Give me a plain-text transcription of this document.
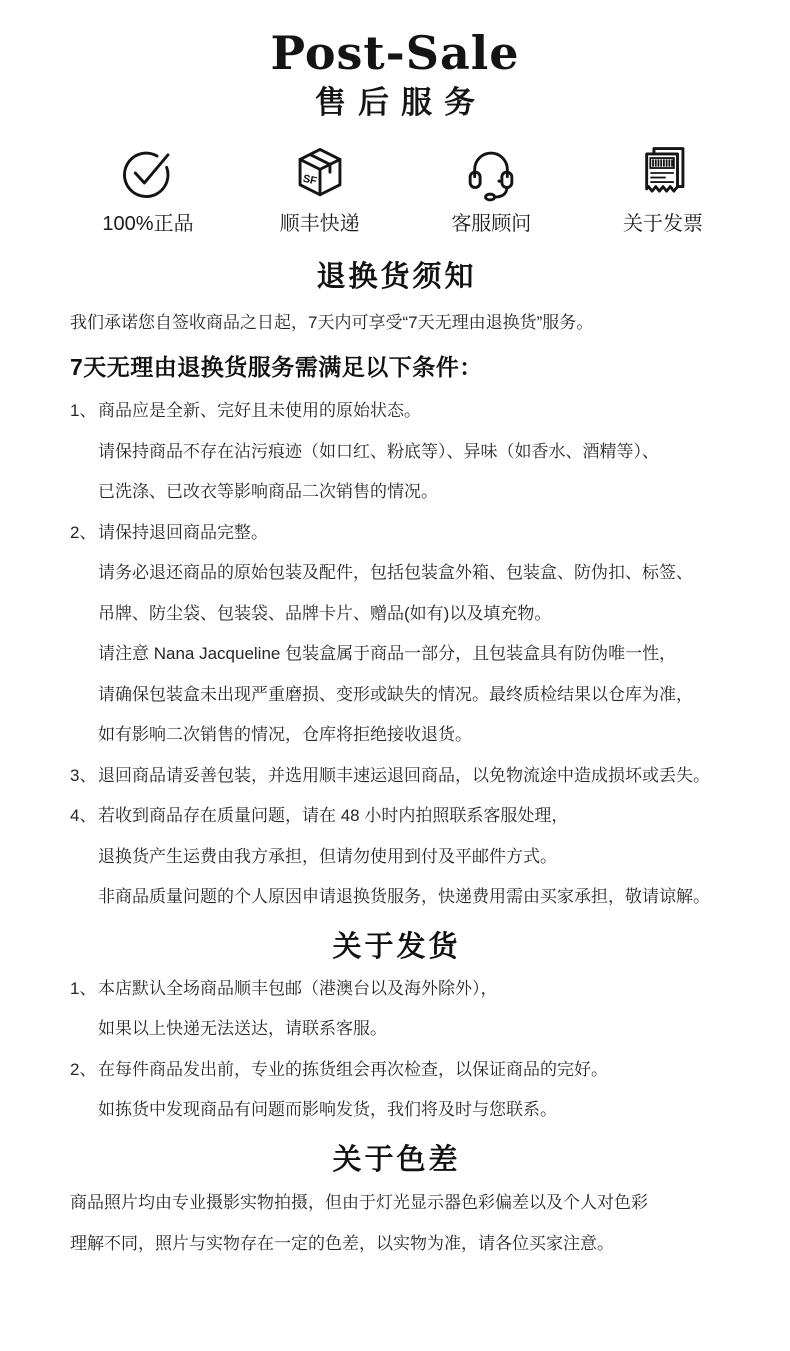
Post-Sale
售后服务
100%正品
SF
顺丰快递	客服顾问	关于发票
退换货须知
我们承诺您自签收商品之日起，7天内可享受“7天无理由退换货”服务。
7天无理由退换货服务需满足以下条件：
1、 商品应是全新、完好且未使用的原始状态。
请保持商品不存在沾污痕迹（如口红、粉底等）、异味（如香水、酒精等）、
已洗涤、已改衣等影响商品二次销售的情况。
2、 请保持退回商品完整。
请务必退还商品的原始包装及配件，包括包装盒外箱、包装盒、防伪扣、标签、
吊牌、防尘袋、包装袋、品牌卡片、赠品(如有)以及填充物。
请注意 Nana Jacqueline 包装盒属于商品一部分，且包装盒具有防伪唯一性，
请确保包装盒未出现严重磨损、变形或缺失的情况。最终质检结果以仓库为准，
如有影响二次销售的情况，仓库将拒绝接收退货。
3、 退回商品请妥善包装，并选用顺丰速运退回商品，以免物流途中造成损坏或丢失。
4、 若收到商品存在质量问题，请在 48 小时内拍照联系客服处理，
退换货产生运费由我方承担，但请勿使用到付及平邮件方式。
非商品质量问题的个人原因申请退换货服务，快递费用需由买家承担，敬请谅解。
关于发货
1、 本店默认全场商品顺丰包邮（港澳台以及海外除外），
如果以上快递无法送达，请联系客服。
2、 在每件商品发出前，专业的拣货组会再次检查，以保证商品的完好。
如拣货中发现商品有问题而影响发货，我们将及时与您联系。
关于色差
商品照片均由专业摄影实物拍摄，但由于灯光显示器色彩偏差以及个人对色彩
理解不同，照片与实物存在一定的色差，以实物为准，请各位买家注意。
